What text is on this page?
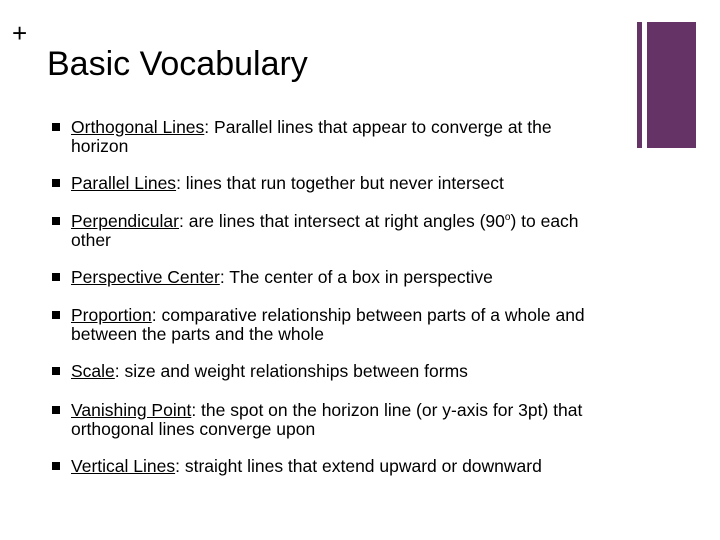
+
Basic Vocabulary
Orthogonal Lines: Parallel lines that appear to converge at the horizon
Parallel Lines: lines that run together but never intersect
Perpendicular: are lines that intersect at right angles (90$^o$) to each other
Perspective Center: The center of a box in perspective
Proportion: comparative relationship between parts of a whole and between the parts and the whole
Scale: size and weight relationships between forms
Vanishing Point: the spot on the horizon line (or y-axis for 3pt) that orthogonal lines converge upon
Vertical Lines: straight lines that extend upward or downward
